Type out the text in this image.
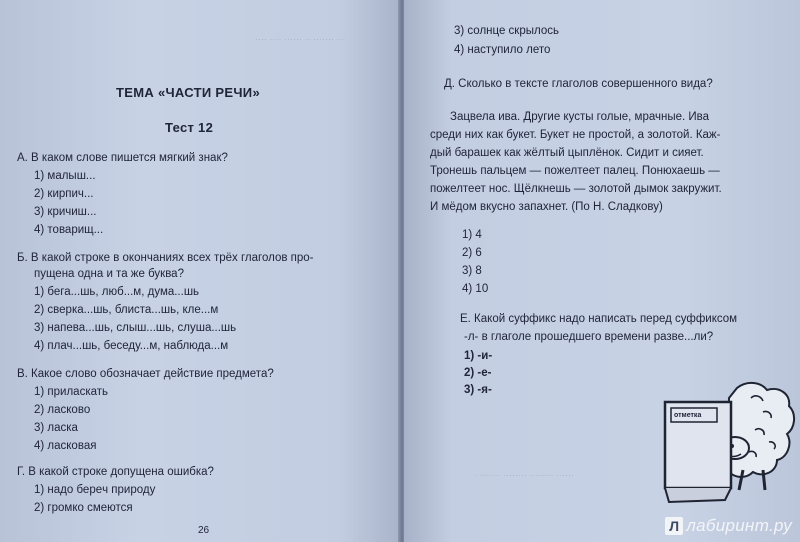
···· ···· ······ ·· ······· ···
ТЕМА «ЧАСТИ РЕЧИ»
Тест 12
А. В каком слове пишется мягкий знак?
1) малыш...
2) кирпич...
3) кричиш...
4) товарищ...
Б. В какой строке в окончаниях всех трёх глаголов про-
пущена одна и та же буква?
1) бега...шь, люб...м, дума...шь
2) сверка...шь, блиста...шь, кле...м
3) напева...шь, слыш...шь, слуша...шь
4) плач...шь, беседу...м, наблюда...м
В. Какое слово обозначает действие предмета?
1) приласкать
2) ласково
3) ласка
4) ласковая
Г. В какой строке допущена ошибка?
1) надо берeч природу
2) громко смеются
26
3) солнце скрылось
4) наступило лето
Д. Сколько в тексте глаголов совершенного вида?
Зацвела ива. Другие кусты голые, мрачные. Ива
среди них как букет. Букет не простой, а золотой. Каж-
дый барашек как жёлтый цыплёнок. Сидит и сияет.
Тронешь пальцем — пожелтеет палец. Понюхаешь —
пожелтеет нос. Щёлкнешь — золотой дымок закружит.
И мёдом вкусно запахнет. (По Н. Сладкову)
1) 4
2) 6
3) 8
4) 10
Е. Какой суффикс надо написать перед суффиксом
-л- в глаголе прошедшего времени разве...ли?
1) -и-
2) -е-
3) -я-
· ······· ········ ········ ······
отметка
Л лабиринт.ру
